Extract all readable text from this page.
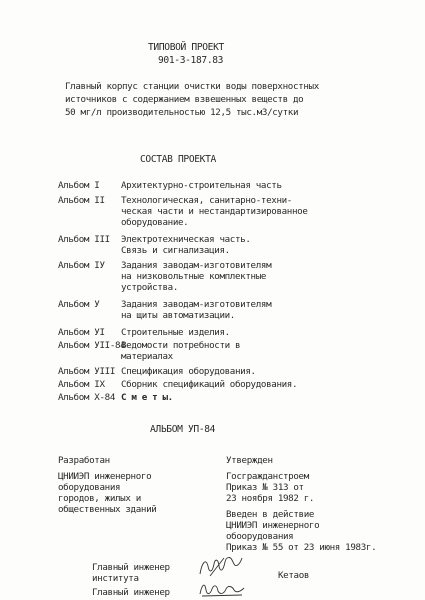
ТИПОВОЙ ПРОЕКТ
901-3-187.83
Главный корпус станции очистки воды поверхностных
источников с содержанием взвешенных веществ до
50 мг/л производительностью 12,5 тыс.м3/сутки
СОСТАВ ПРОЕКТА
Альбом I Архитектурно-строительная часть
Альбом II Технологическая, санитарно-техни-
ческая части и нестандартизированное
оборудование.
Альбом III Электротехническая часть.
Связь и сигнализация.
Альбом IУ Задания заводам-изготовителям
на низковольтные комплектные
устройства.
Альбом У Задания заводам-изготовителям
на щиты автоматизации.
Альбом УI Строительные изделия.
Альбом УII-84
Ведомости потребности в
материалах
Альбом УIII Спецификация оборудования.
Альбом IX Сборник спецификаций оборудования.
Альбом Х-84 С м е т ы.
АЛЬБОМ УП-84
Разработан
ЦНИИЭП инженерного
оборудования
городов, жилых и
общественных зданий
Утвержден
Госгражданстроем
Приказ № 313 от
23 ноября 1982 г.
Введен в действие
ЦНИИЭП инженерного
обоорудования
Приказ № 55 от 23 июня 1983г.
Главный инженер
института
Главный инженер
Кетаов
